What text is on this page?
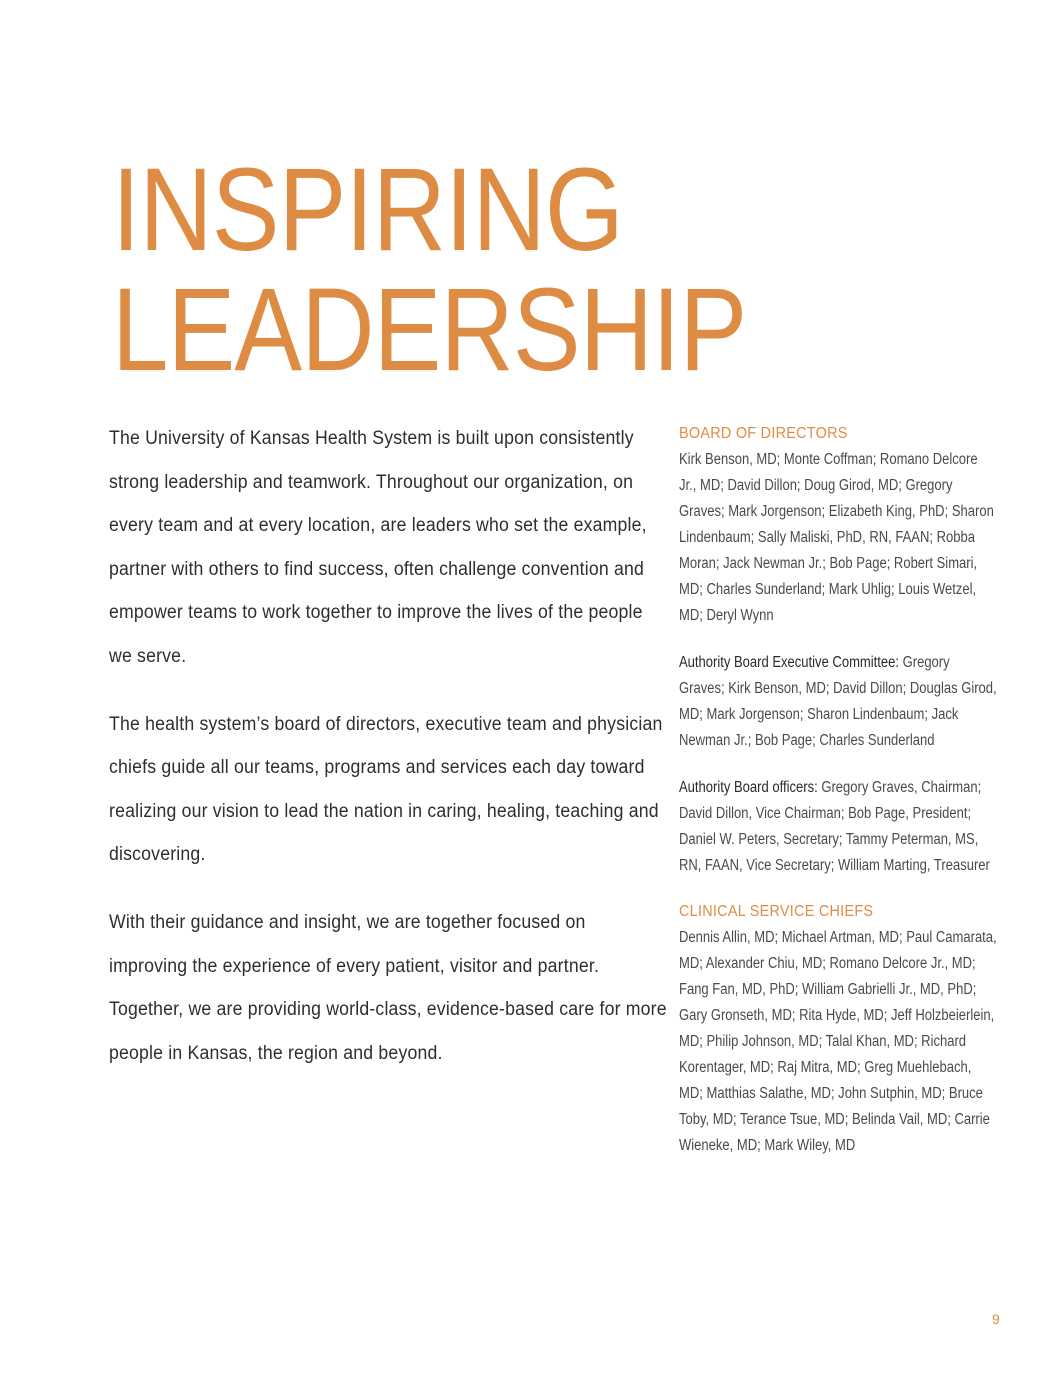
INSPIRING
LEADERSHIP

The University of Kansas Health System is built upon consistently strong leadership and teamwork. Throughout our organization, on every team and at every location, are leaders who set the example, partner with others to find success, often challenge convention and empower teams to work together to improve the lives of the people we serve.

The health system’s board of directors, executive team and physician chiefs guide all our teams, programs and services each day toward realizing our vision to lead the nation in caring, healing, teaching and discovering.

With their guidance and insight, we are together focused on improving the experience of every patient, visitor and partner. Together, we are providing world-class, evidence-based care for more people in Kansas, the region and beyond.

BOARD OF DIRECTORS
Kirk Benson, MD; Monte Coffman; Romano Delcore Jr., MD; David Dillon; Doug Girod, MD; Gregory Graves; Mark Jorgenson; Elizabeth King, PhD; Sharon Lindenbaum; Sally Maliski, PhD, RN, FAAN; Robba Moran; Jack Newman Jr.; Bob Page; Robert Simari, MD; Charles Sunderland; Mark Uhlig; Louis Wetzel, MD; Deryl Wynn
Authority Board Executive Committee: Gregory Graves; Kirk Benson, MD; David Dillon; Douglas Girod, MD; Mark Jorgenson; Sharon Lindenbaum; Jack Newman Jr.; Bob Page; Charles Sunderland
Authority Board officers: Gregory Graves, Chairman; David Dillon, Vice Chairman; Bob Page, President; Daniel W. Peters, Secretary; Tammy Peterman, MS, RN, FAAN, Vice Secretary; William Marting, Treasurer
CLINICAL SERVICE CHIEFS
Dennis Allin, MD; Michael Artman, MD; Paul Camarata, MD; Alexander Chiu, MD; Romano Delcore Jr., MD; Fang Fan, MD, PhD; William Gabrielli Jr., MD, PhD; Gary Gronseth, MD; Rita Hyde, MD; Jeff Holzbeierlein, MD; Philip Johnson, MD; Talal Khan, MD; Richard Korentager, MD; Raj Mitra, MD; Greg Muehlebach, MD; Matthias Salathe, MD; John Sutphin, MD; Bruce Toby, MD; Terance Tsue, MD; Belinda Vail, MD; Carrie Wieneke, MD; Mark Wiley, MD
9
